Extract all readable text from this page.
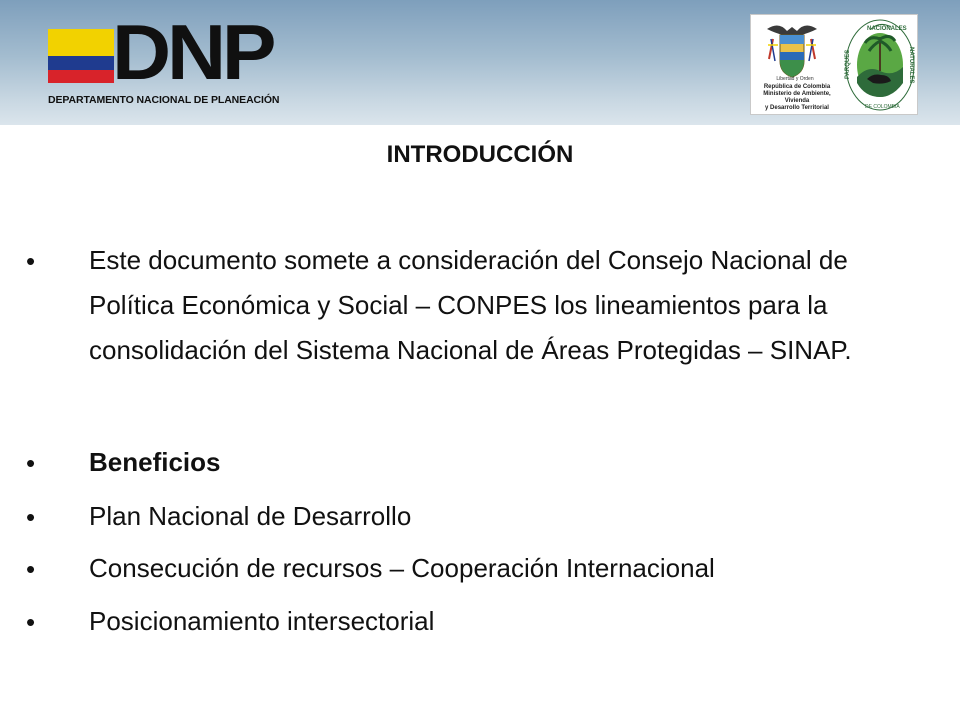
DNP
DEPARTAMENTO NACIONAL DE PLANEACIÓN
Libertad y Orden
República de Colombia
Ministerio de Ambiente, Vivienda
y Desarrollo Territorial
NACIONALES
PARQUES	NATURALES
DE COLOMBIA
INTRODUCCIÓN
• Este documento somete a consideración del Consejo Nacional de
Política Económica y Social – CONPES los lineamientos para la
consolidación del Sistema Nacional de Áreas Protegidas – SINAP.
• Beneficios
• Plan Nacional de Desarrollo
• Consecución de recursos – Cooperación Internacional
• Posicionamiento intersectorial
